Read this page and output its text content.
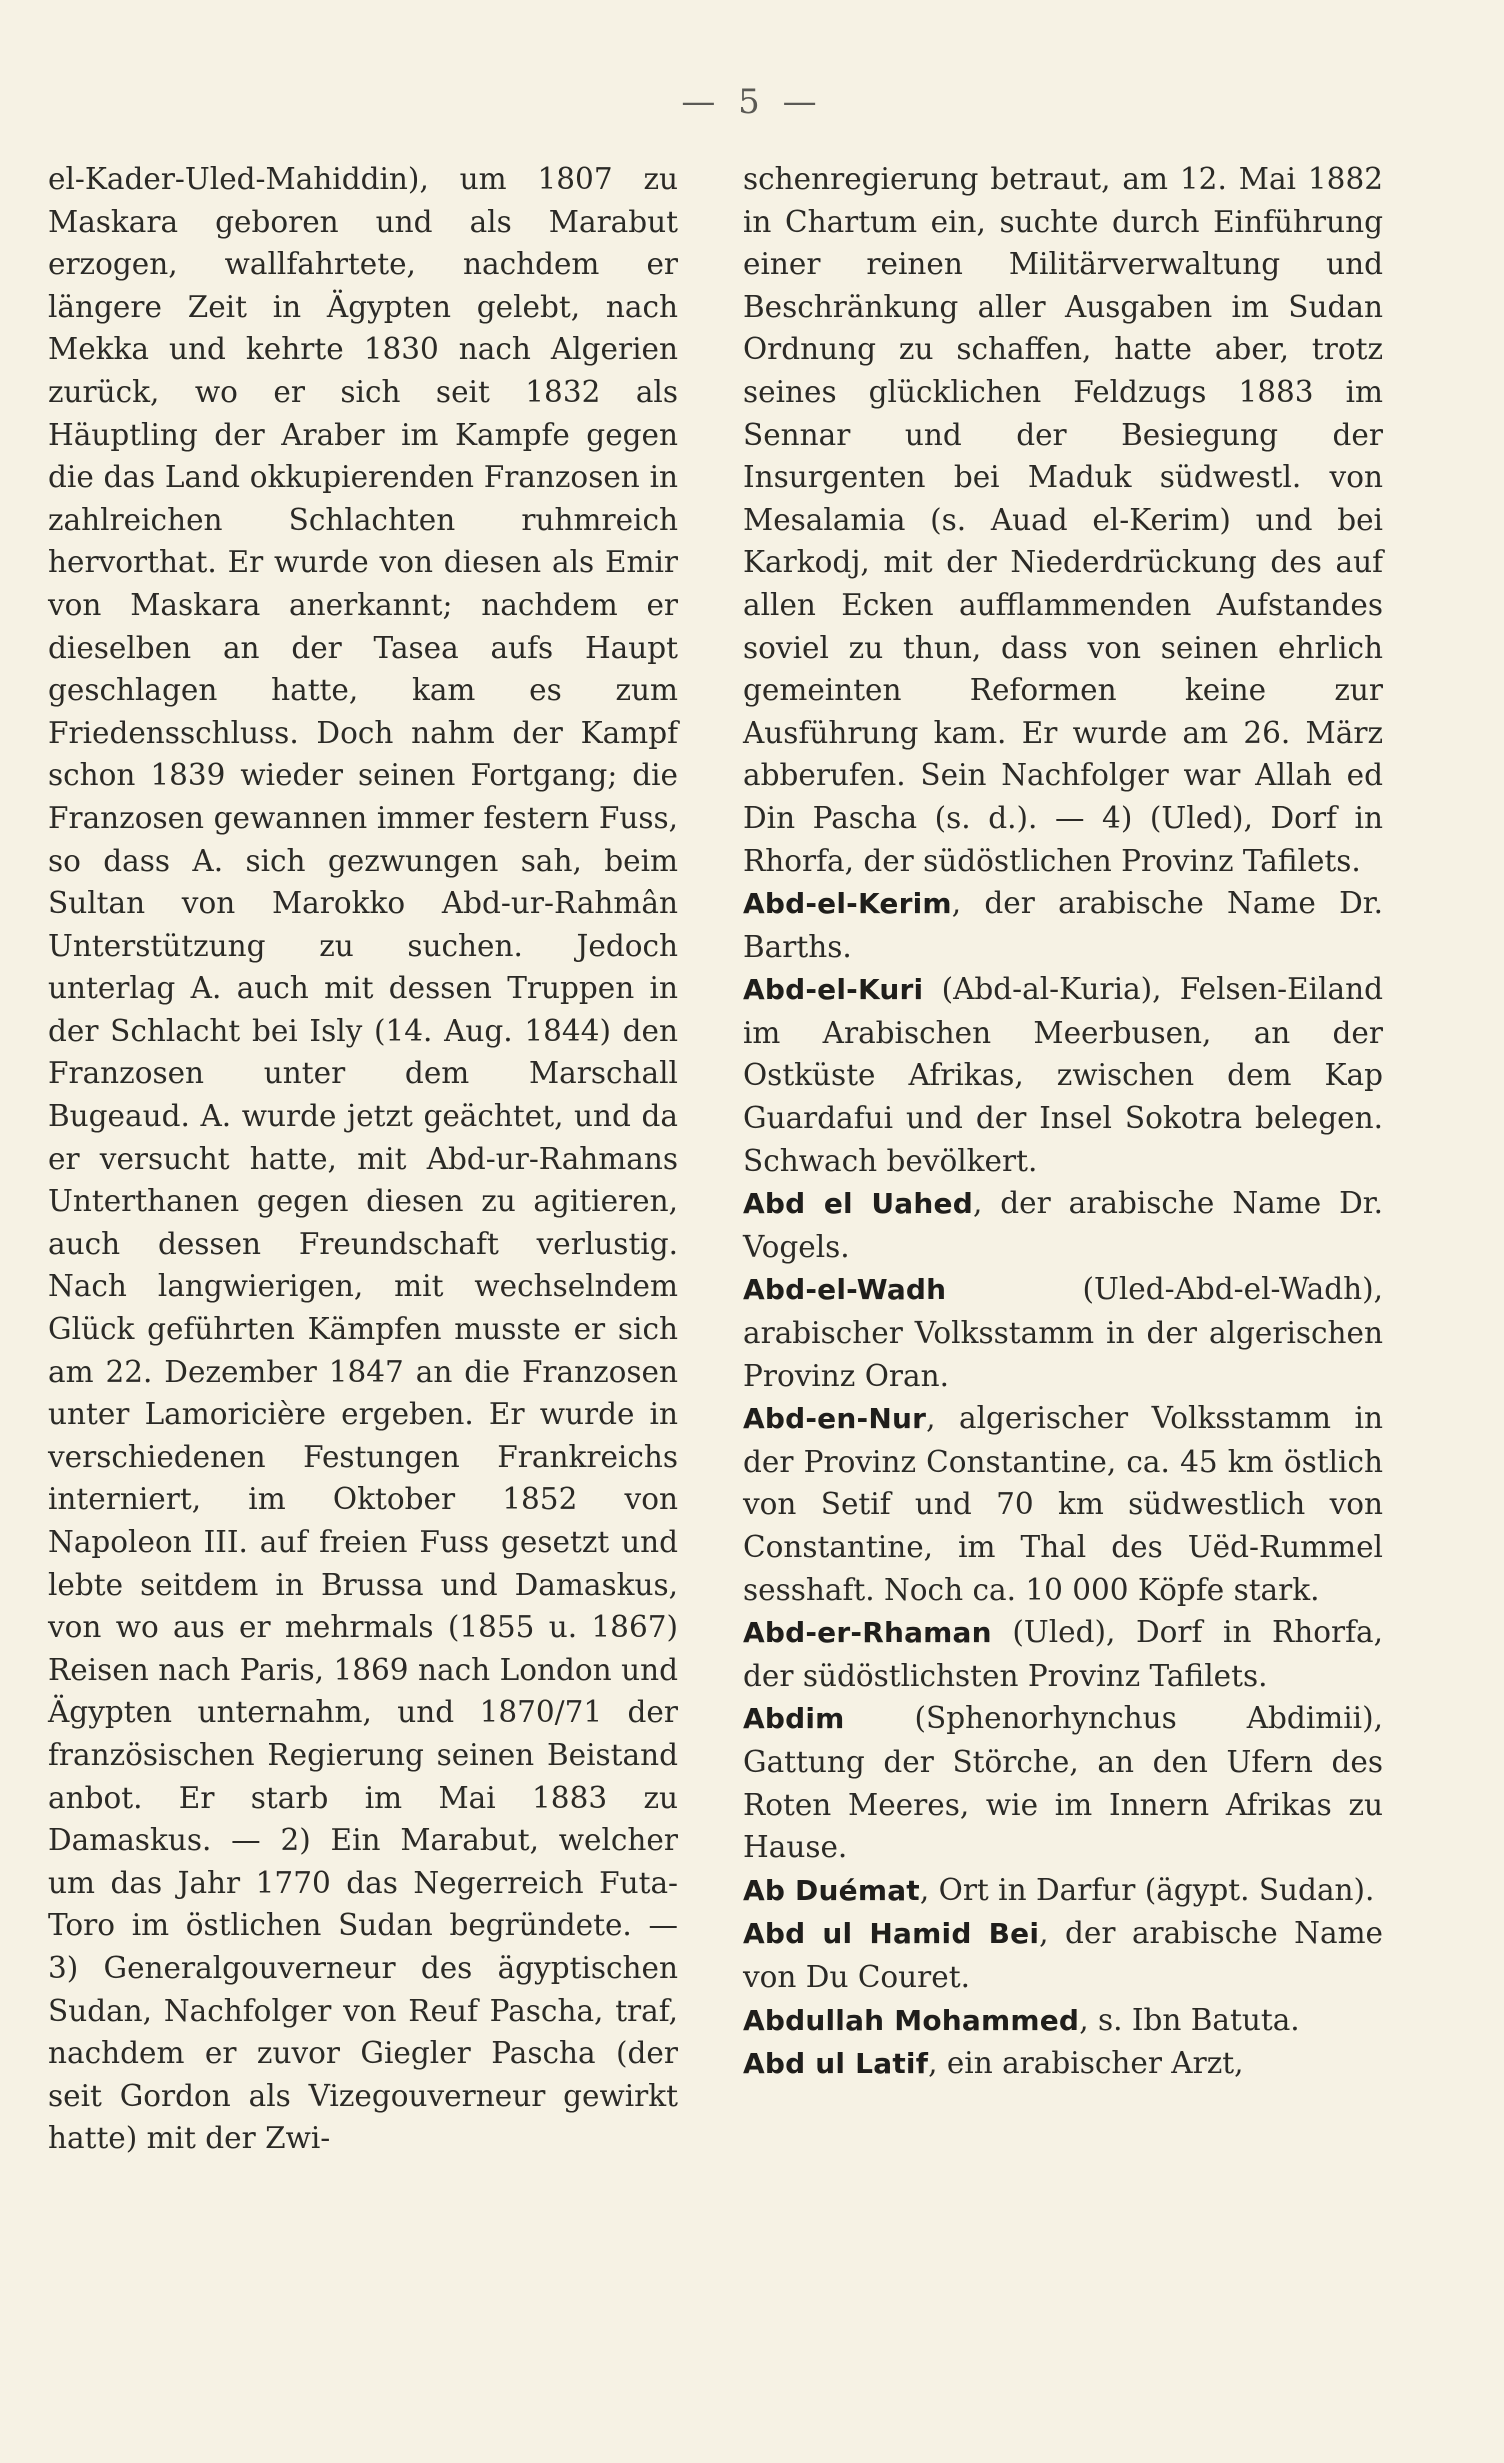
— 5 —

el-Kader-Uled-Mahiddin), um 1807 zu Maskara geboren und als Marabut erzogen, wallfahrtete, nachdem er längere Zeit in Ägypten gelebt, nach Mekka und kehrte 1830 nach Algerien zurück, wo er sich seit 1832 als Häuptling der Araber im Kampfe gegen die das Land okkupierenden Franzosen in zahlreichen Schlachten ruhmreich hervorthat. Er wurde von diesen als Emir von Maskara anerkannt; nachdem er dieselben an der Tasea aufs Haupt geschlagen hatte, kam es zum Friedensschluss. Doch nahm der Kampf schon 1839 wieder seinen Fortgang; die Franzosen gewannen immer festern Fuss, so dass A. sich gezwungen sah, beim Sultan von Marokko Abd-ur-Rahmân Unterstützung zu suchen. Jedoch unterlag A. auch mit dessen Truppen in der Schlacht bei Isly (14. Aug. 1844) den Franzosen unter dem Marschall Bugeaud. A. wurde jetzt geächtet, und da er versucht hatte, mit Abd-ur-Rahmans Unterthanen gegen diesen zu agitieren, auch dessen Freundschaft verlustig. Nach langwierigen, mit wechselndem Glück geführten Kämpfen musste er sich am 22. Dezember 1847 an die Franzosen unter Lamoricière ergeben. Er wurde in verschiedenen Festungen Frankreichs interniert, im Oktober 1852 von Napoleon III. auf freien Fuss gesetzt und lebte seitdem in Brussa und Damaskus, von wo aus er mehrmals (1855 u. 1867) Reisen nach Paris, 1869 nach London und Ägypten unternahm, und 1870/71 der französischen Regierung seinen Beistand anbot. Er starb im Mai 1883 zu Damaskus. — 2) Ein Marabut, welcher um das Jahr 1770 das Negerreich Futa-Toro im östlichen Sudan begründete. — 3) Generalgouverneur des ägyptischen Sudan, Nachfolger von Reuf Pascha, traf, nachdem er zuvor Giegler Pascha (der seit Gordon als Vizegouverneur gewirkt hatte) mit der Zwi-

schenregierung betraut, am 12. Mai 1882 in Chartum ein, suchte durch Einführung einer reinen Militärverwaltung und Beschränkung aller Ausgaben im Sudan Ordnung zu schaffen, hatte aber, trotz seines glücklichen Feldzugs 1883 im Sennar und der Besiegung der Insurgenten bei Maduk südwestl. von Mesalamia (s. Auad el-Kerim) und bei Karkodj, mit der Niederdrückung des auf allen Ecken aufflammenden Aufstandes soviel zu thun, dass von seinen ehrlich gemeinten Reformen keine zur Ausführung kam. Er wurde am 26. März abberufen. Sein Nachfolger war Allah ed Din Pascha (s. d.). — 4) (Uled), Dorf in Rhorfa, der südöstlichen Provinz Tafilets.

Abd-el-Kerim, der arabische Name Dr. Barths.

Abd-el-Kuri (Abd-al-Kuria), Felsen-Eiland im Arabischen Meerbusen, an der Ostküste Afrikas, zwischen dem Kap Guardafui und der Insel Sokotra belegen. Schwach bevölkert.

Abd el Uahed, der arabische Name Dr. Vogels.

Abd-el-Wadh (Uled-Abd-el-Wadh), arabischer Volksstamm in der algerischen Provinz Oran.

Abd-en-Nur, algerischer Volksstamm in der Provinz Constantine, ca. 45 km östlich von Setif und 70 km südwestlich von Constantine, im Thal des Uëd-Rummel sesshaft. Noch ca. 10 000 Köpfe stark.

Abd-er-Rhaman (Uled), Dorf in Rhorfa, der südöstlichsten Provinz Tafilets.

Abdim (Sphenorhynchus Abdimii), Gattung der Störche, an den Ufern des Roten Meeres, wie im Innern Afrikas zu Hause.

Ab Duémat, Ort in Darfur (ägypt. Sudan).

Abd ul Hamid Bei, der arabische Name von Du Couret.

Abdullah Mohammed, s. Ibn Batuta.

Abd ul Latif, ein arabischer Arzt,
